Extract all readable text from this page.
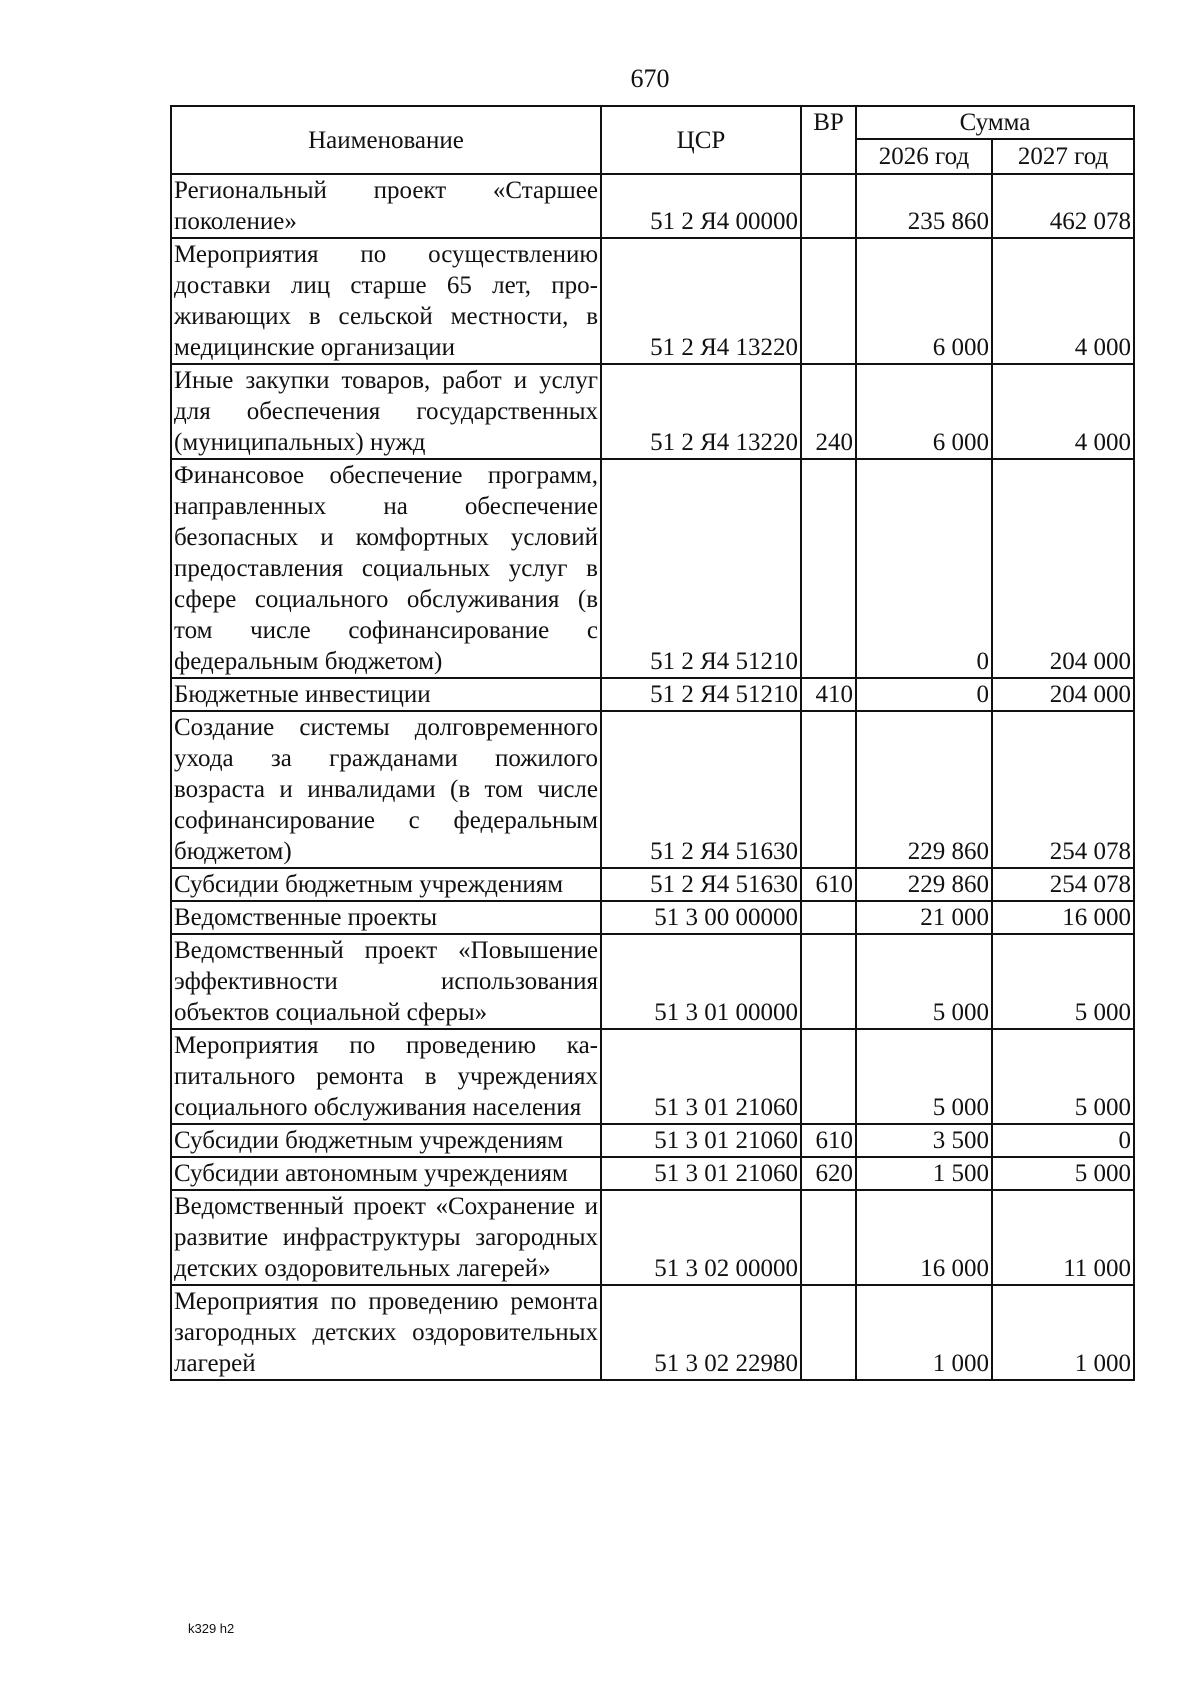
670
Наименование	ЦСР	ВР	Сумма	
			2026 год	2027 год
Региональный проект «Старшее поколение»	51 2 Я4 00000		235 860	462 078
Мероприятия по осуществлению доставки лиц старше 65 лет, проживающих в сельской местности, в медицинские организации	51 2 Я4 13220		6 000	4 000
Иные закупки товаров, работ и услуг для обеспечения государственных (муниципальных) нужд	51 2 Я4 13220	240	6 000	4 000
Финансовое обеспечение программ, направленных на обеспечение безопасных и комфортных условий предоставления социальных услуг в сфере социального обслуживания (в том числе софинансирование с федеральным бюджетом)	51 2 Я4 51210		0	204 000
Бюджетные инвестиции	51 2 Я4 51210	410	0	204 000
Создание системы долговременного ухода за гражданами пожилого возраста и инвалидами (в том числе софинансирование с федеральным бюджетом)	51 2 Я4 51630		229 860	254 078
Субсидии бюджетным учреждениям	51 2 Я4 51630	610	229 860	254 078
Ведомственные проекты	51 3 00 00000		21 000	16 000
Ведомственный проект «Повышение эффективности использования объектов социальной сферы»	51 3 01 00000		5 000	5 000
Мероприятия по проведению капитального ремонта в учреждениях социального обслуживания населения	51 3 01 21060		5 000	5 000
Субсидии бюджетным учреждениям	51 3 01 21060	610	3 500	0
Субсидии автономным учреждениям	51 3 01 21060	620	1 500	5 000
Ведомственный проект «Сохранение и развитие инфраструктуры загородных детских оздоровительных лагерей»	51 3 02 00000		16 000	11 000
Мероприятия по проведению ремонта загородных детских оздоровительных лагерей	51 3 02 22980		1 000	1 000
k329 h2
